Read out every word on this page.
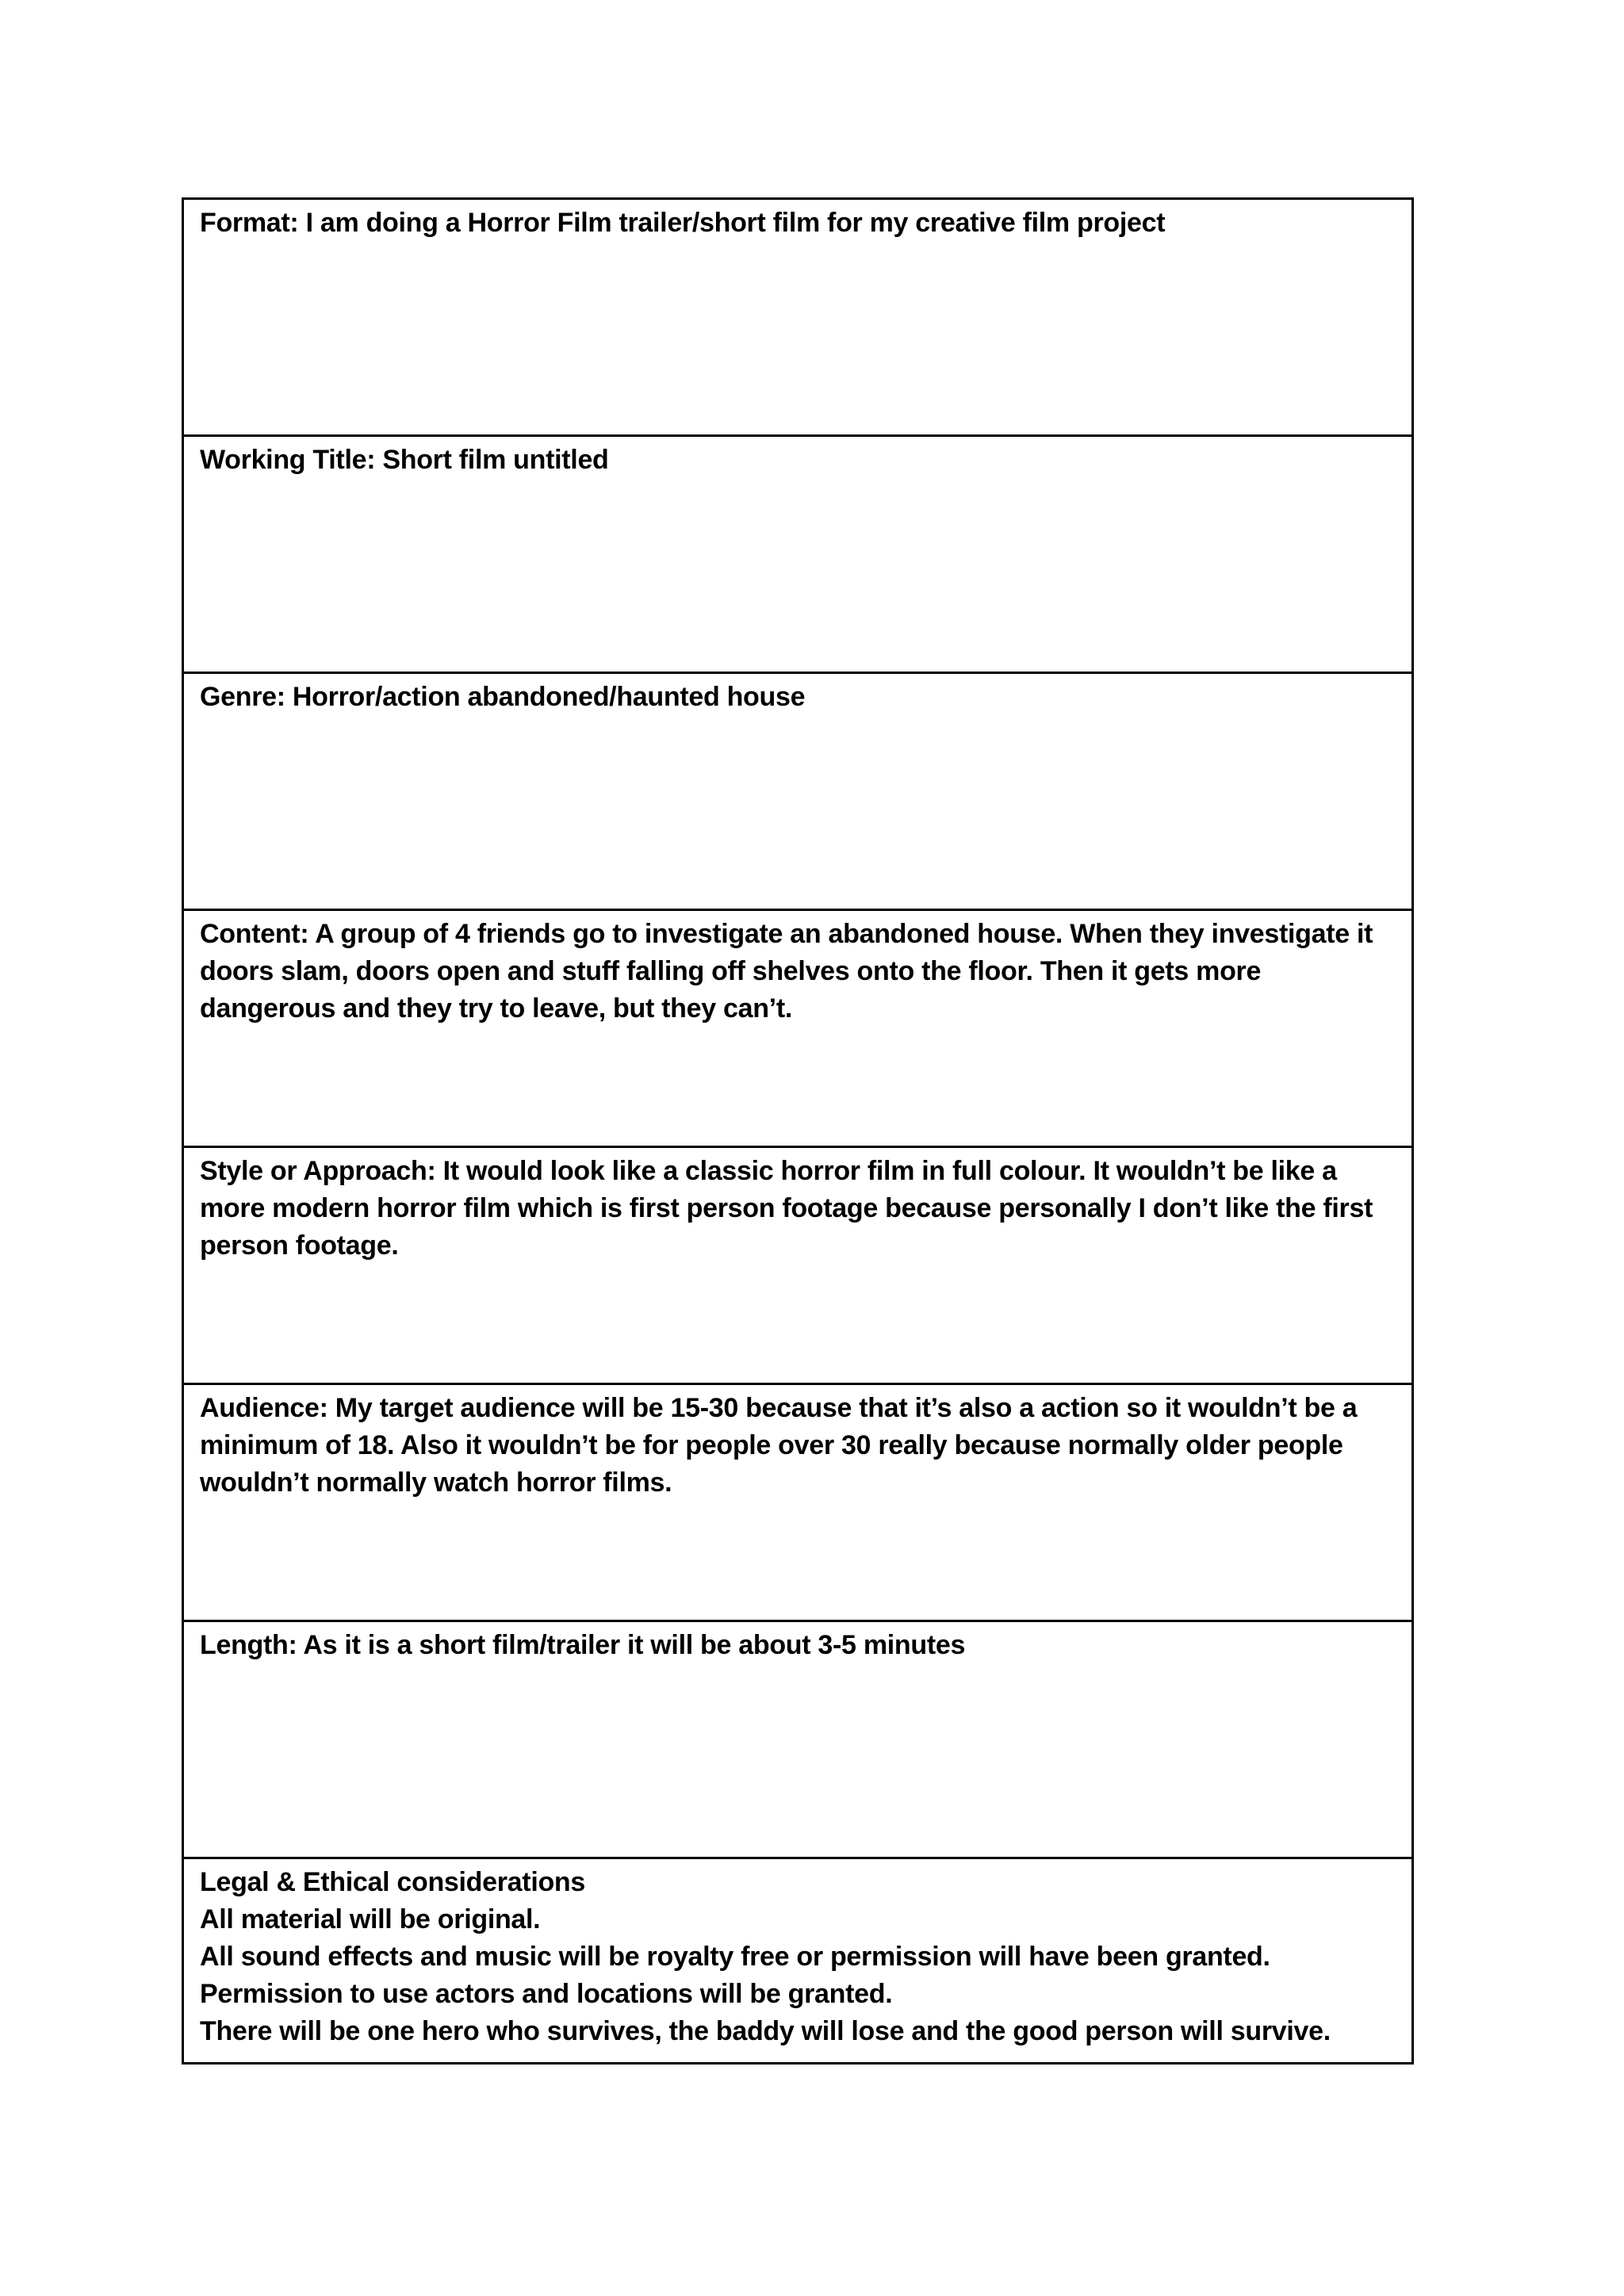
Format: I am doing a Horror Film trailer/short film for my creative film project

Working Title: Short film untitled

Genre: Horror/action abandoned/haunted house

Content: A group of 4 friends go to investigate an abandoned house. When they investigate it doors slam, doors open and stuff falling off shelves onto the floor. Then it gets more dangerous and they try to leave, but they can’t.

Style or Approach: It would look like a classic horror film in full colour. It wouldn’t be like a more modern horror film which is first person footage because personally I don’t like the first person footage.

Audience: My target audience will be 15-30 because that it’s also a action so it wouldn’t be a minimum of 18. Also it wouldn’t be for people over 30 really because normally older people wouldn’t normally watch horror films.

Length: As it is a short film/trailer it will be about 3-5 minutes

Legal & Ethical considerations

All material will be original.

All sound effects and music will be royalty free or permission will have been granted.

Permission to use actors and locations will be granted.

There will be one hero who survives, the baddy will lose and the good person will survive.
